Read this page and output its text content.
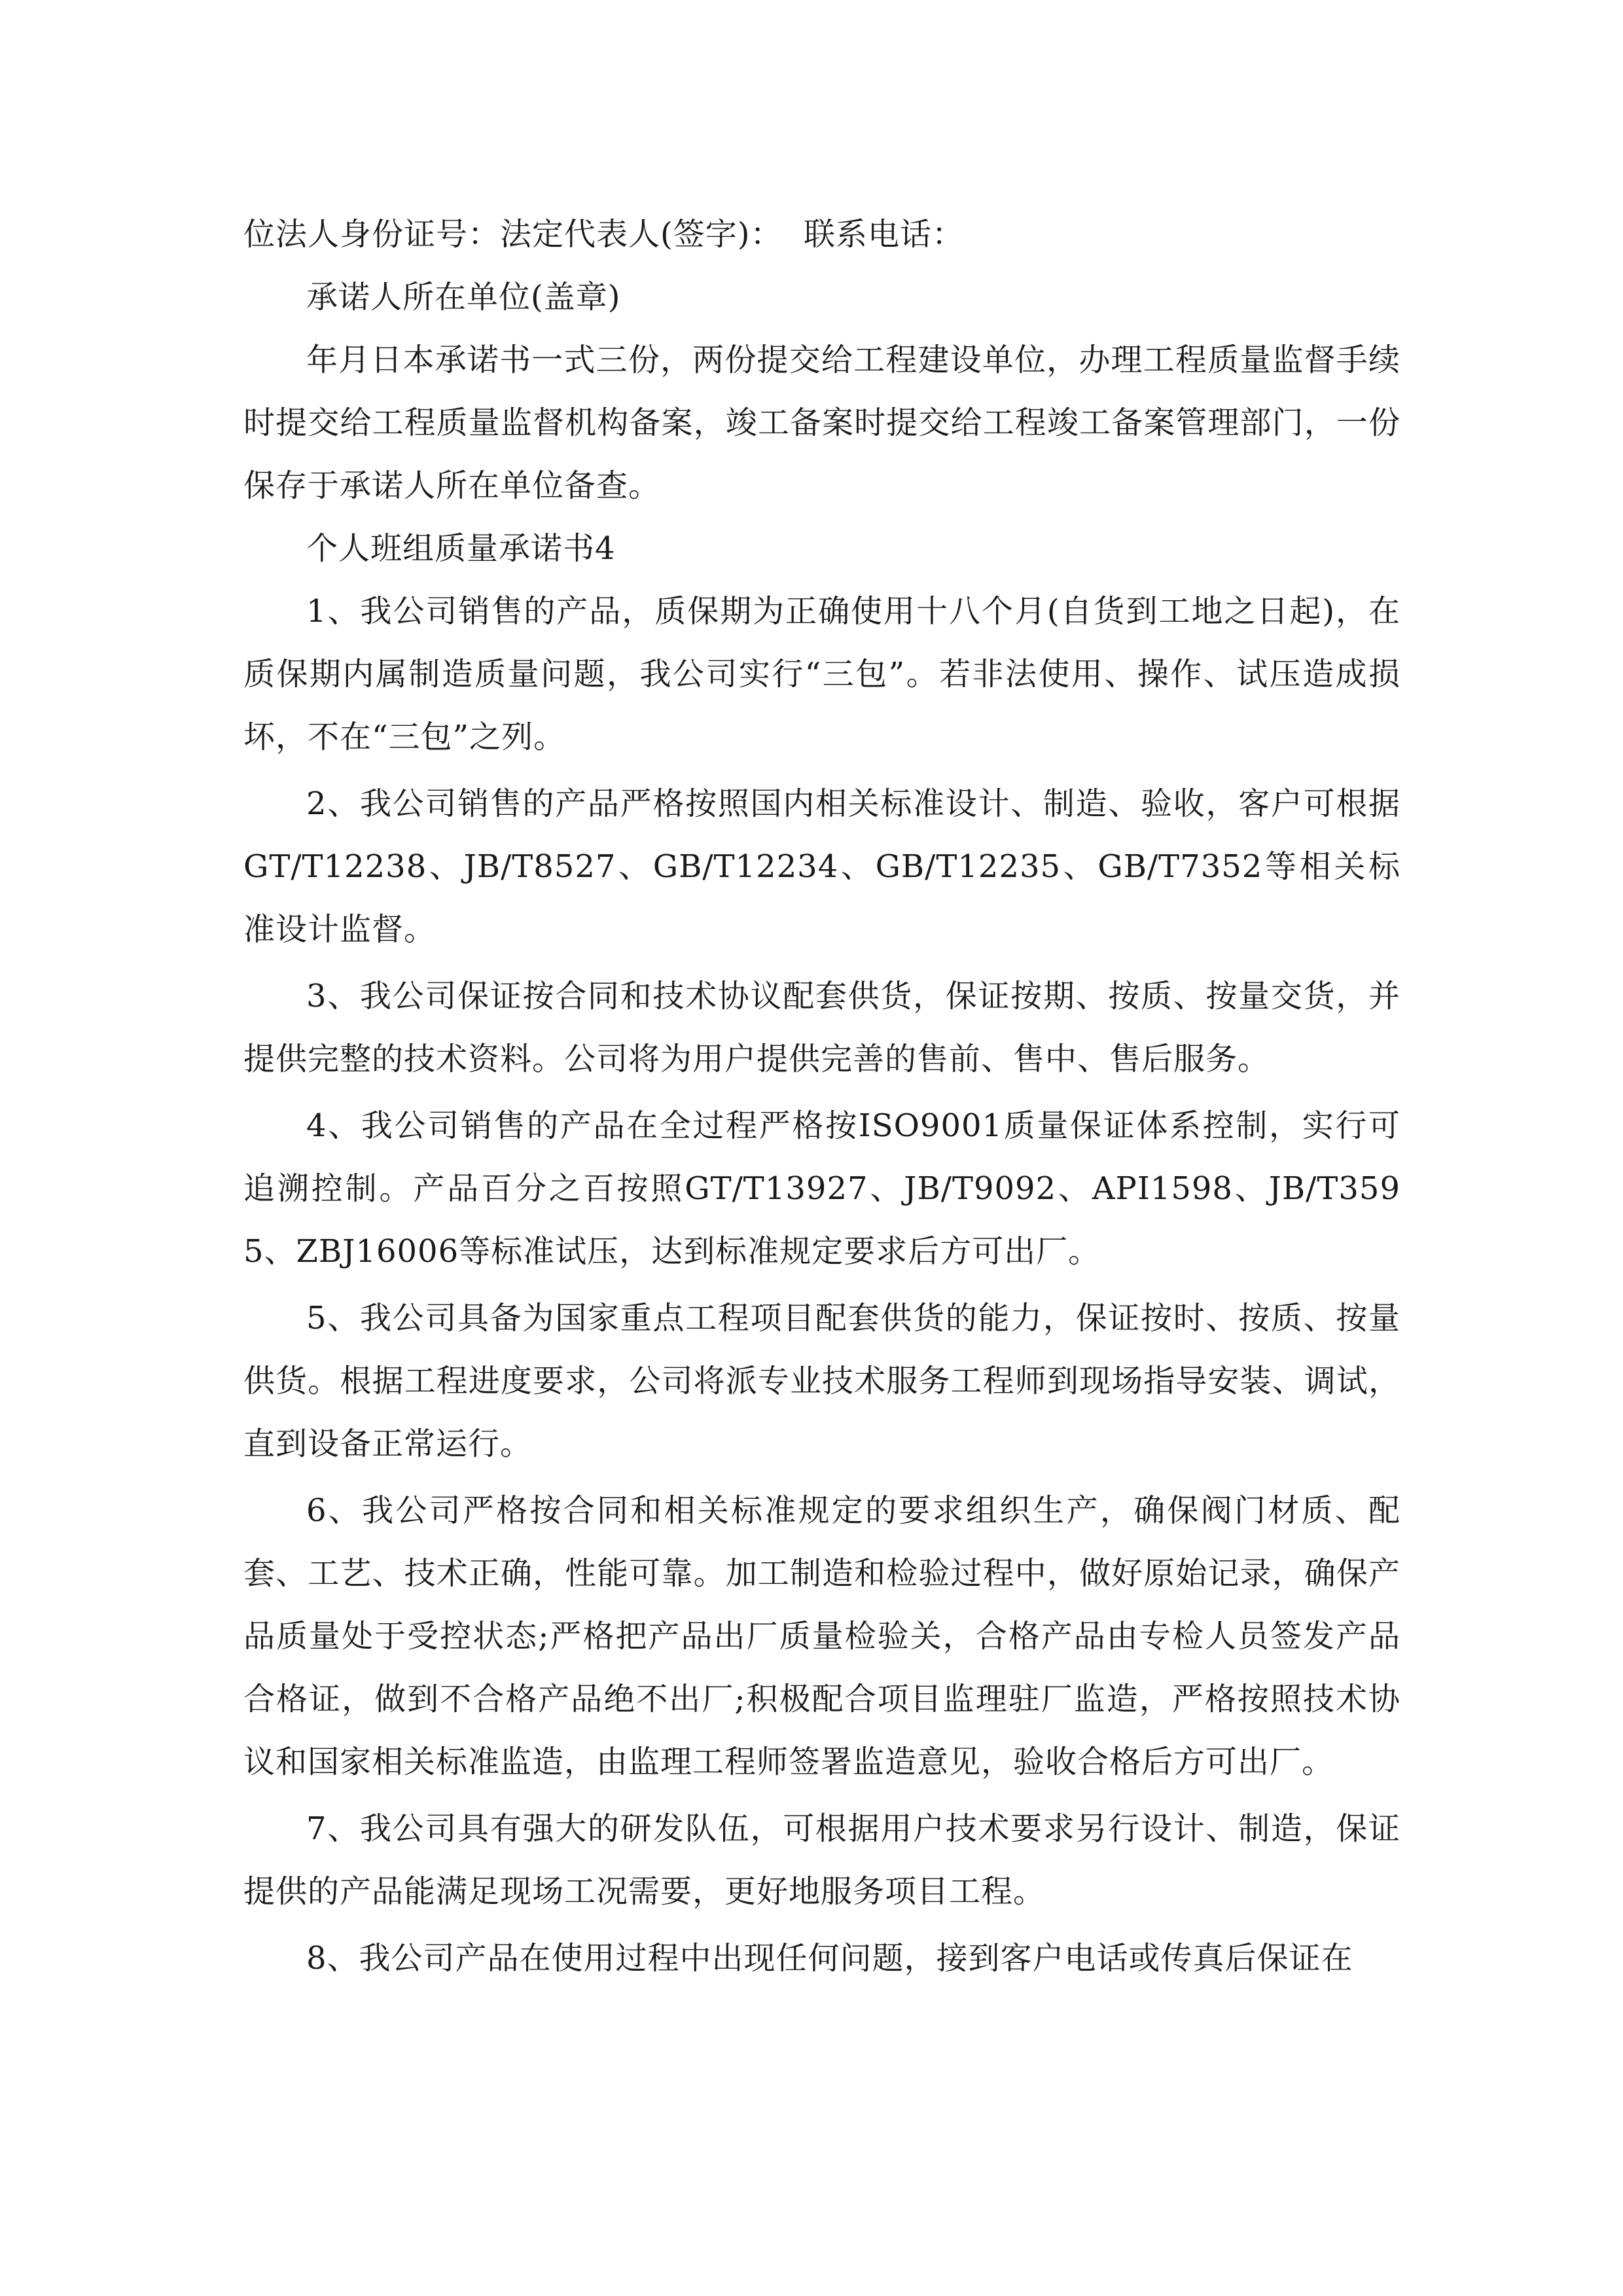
位法人身份证号：法定代表人(签字)：  联系电话：

承诺人所在单位(盖章)

年月日本承诺书一式三份，两份提交给工程建设单位，办理工程质量监督手续时提交给工程质量监督机构备案，竣工备案时提交给工程竣工备案管理部门，一份保存于承诺人所在单位备查。

个人班组质量承诺书4

1、我公司销售的产品，质保期为正确使用十八个月(自货到工地之日起)，在质保期内属制造质量问题，我公司实行“三包”。若非法使用、操作、试压造成损坏，不在“三包”之列。

2、我公司销售的产品严格按照国内相关标准设计、制造、验收，客户可根据GT/T12238、JB/T8527、GB/T12234、GB/T12235、GB/T7352等相关标准设计监督。

3、我公司保证按合同和技术协议配套供货，保证按期、按质、按量交货，并提供完整的技术资料。公司将为用户提供完善的售前、售中、售后服务。

4、我公司销售的产品在全过程严格按ISO9001质量保证体系控制，实行可追溯控制。产品百分之百按照GT/T13927、JB/T9092、API1598、JB/T3595、ZBJ16006等标准试压，达到标准规定要求后方可出厂。

5、我公司具备为国家重点工程项目配套供货的能力，保证按时、按质、按量供货。根据工程进度要求，公司将派专业技术服务工程师到现场指导安装、调试，直到设备正常运行。

6、我公司严格按合同和相关标准规定的要求组织生产，确保阀门材质、配套、工艺、技术正确，性能可靠。加工制造和检验过程中，做好原始记录，确保产品质量处于受控状态;严格把产品出厂质量检验关，合格产品由专检人员签发产品合格证，做到不合格产品绝不出厂;积极配合项目监理驻厂监造，严格按照技术协议和国家相关标准监造，由监理工程师签署监造意见，验收合格后方可出厂。

7、我公司具有强大的研发队伍，可根据用户技术要求另行设计、制造，保证提供的产品能满足现场工况需要，更好地服务项目工程。

8、我公司产品在使用过程中出现任何问题，接到客户电话或传真后保证在
